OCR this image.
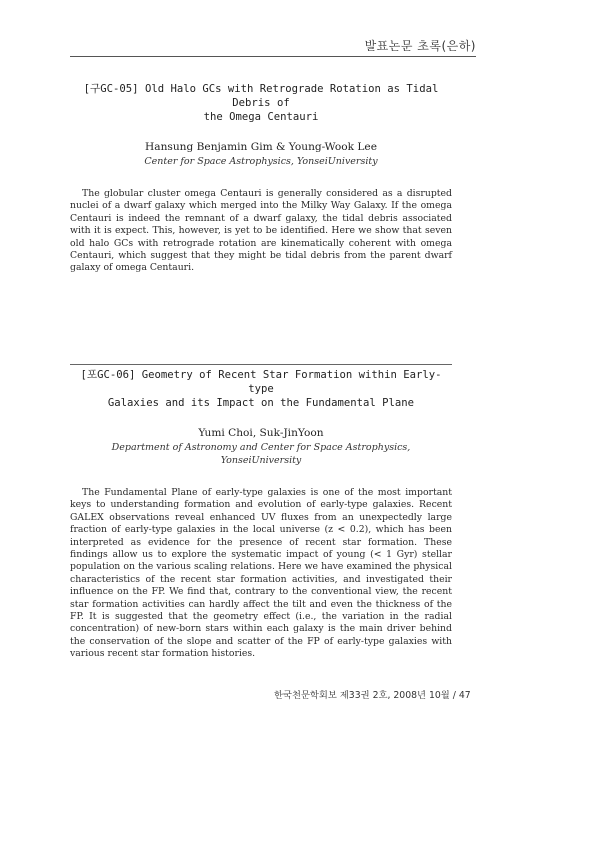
발표논문 초록(은하)

[구GC-05] Old Halo GCs with Retrograde Rotation as Tidal Debris of
the Omega Centauri

Hansung Benjamin Gim & Young-Wook Lee
Center for Space Astrophysics, YonseiUniversity
The globular cluster omega Centauri is generally considered as a disrupted nuclei of a dwarf galaxy which merged into the Milky Way Galaxy. If the omega Centauri is indeed the remnant of a dwarf galaxy, the tidal debris associated with it is expect. This, however, is yet to be identified. Here we show that seven old halo GCs with retrograde rotation are kinematically coherent with omega Centauri, which suggest that they might be tidal debris from the parent dwarf galaxy of omega Centauri.

[포GC-06] Geometry of Recent Star Formation within Early-type
Galaxies and its Impact on the Fundamental Plane

Yumi Choi, Suk-JinYoon
Department of Astronomy and Center for Space Astrophysics, YonseiUniversity
The Fundamental Plane of early-type galaxies is one of the most important keys to understanding formation and evolution of early-type galaxies. Recent GALEX observations reveal enhanced UV fluxes from an unexpectedly large fraction of early-type galaxies in the local universe (z < 0.2), which has been interpreted as evidence for the presence of recent star formation. These findings allow us to explore the systematic impact of young (< 1 Gyr) stellar population on the various scaling relations. Here we have examined the physical characteristics of the recent star formation activities, and investigated their influence on the FP. We find that, contrary to the conventional view, the recent star formation activities can hardly affect the tilt and even the thickness of the FP. It is suggested that the geometry effect (i.e., the variation in the radial concentration) of new-born stars within each galaxy is the main driver behind the conservation of the slope and scatter of the FP of early-type galaxies with various recent star formation histories.
한국천문학회보 제33권 2호, 2008년 10월 / 47
